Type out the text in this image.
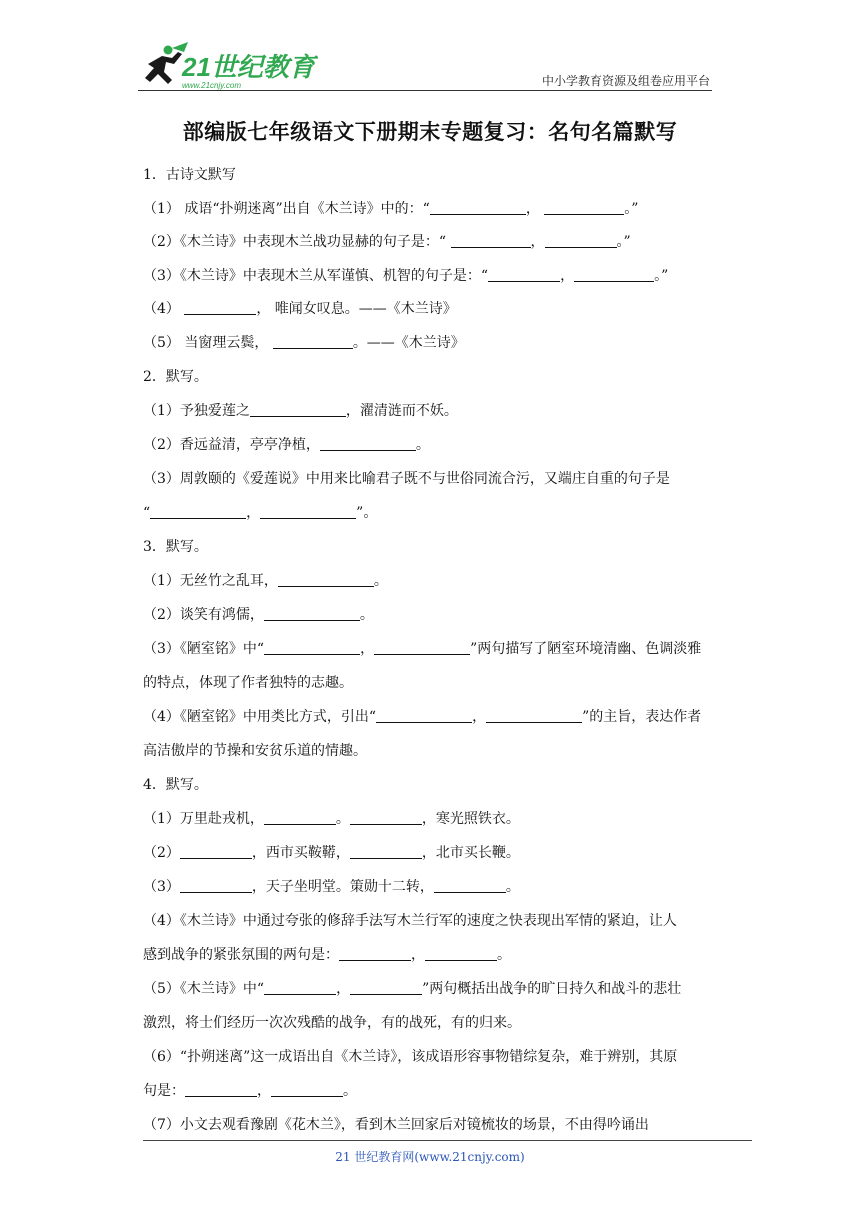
21世纪教育
www.21cnjy.com	中小学教育资源及组卷应用平台
部编版七年级语文下册期末专题复习：名句名篇默写
1．古诗文默写
（1） 成语“扑朔迷离”出自《木兰诗》中的：“	，	。”
（2）《木兰诗》中表现木兰战功显赫的句子是：“	，	。”
（3）《木兰诗》中表现木兰从军谨慎、机智的句子是：“	，	。”
（4）	， 唯闻女叹息。——《木兰诗》
（5） 当窗理云鬓，	。——《木兰诗》
2．默写。
（1）予独爱莲之	，濯清涟而不妖。
（2）香远益清，亭亭净植，	。
（3）周敦颐的《爱莲说》中用来比喻君子既不与世俗同流合污，又端庄自重的句子是
“	，	”。
3．默写。
（1）无丝竹之乱耳，	。
（2）谈笑有鸿儒，	。
（3）《陋室铭》中“	，	”两句描写了陋室环境清幽、色调淡雅
的特点，体现了作者独特的志趣。
（4）《陋室铭》中用类比方式，引出“	，	”的主旨，表达作者
高洁傲岸的节操和安贫乐道的情趣。
4．默写。
（1）万里赴戎机，	。	，寒光照铁衣。
（2）	，西市买鞍鞯，	，北市买长鞭。
（3）	，天子坐明堂。策勋十二转，	。
（4）《木兰诗》中通过夸张的修辞手法写木兰行军的速度之快表现出军情的紧迫，让人
感到战争的紧张氛围的两句是：	，	。
（5）《木兰诗》中“	，	”两句概括出战争的旷日持久和战斗的悲壮
激烈，将士们经历一次次残酷的战争，有的战死，有的归来。
（6）“扑朔迷离”这一成语出自《木兰诗》，该成语形容事物错综复杂，难于辨别，其原
句是：	，	。
（7）小文去观看豫剧《花木兰》，看到木兰回家后对镜梳妆的场景，不由得吟诵出
21 世纪教育网(www.21cnjy.com)
